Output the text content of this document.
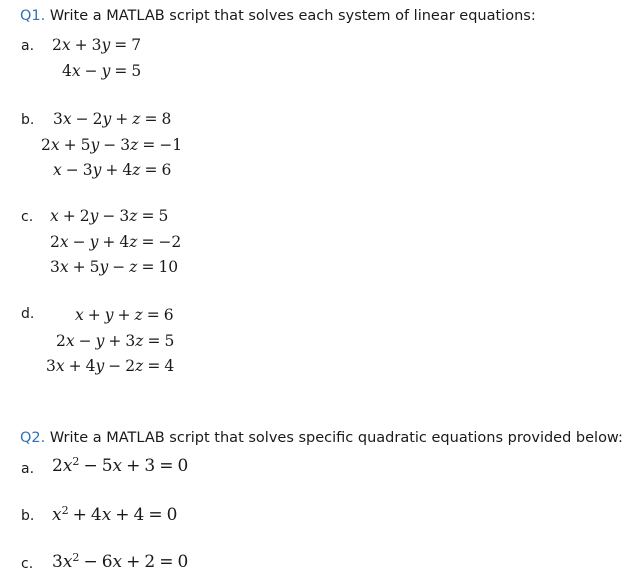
Q1. Write a MATLAB script that solves each system of linear equations:
a.
b.
c.
d.
2x + 3y = 7
4x − y = 5
3x − 2y + z = 8
2x + 5y − 3z = −1
x − 3y + 4z = 6
x + 2y − 3z = 5
2x − y + 4z = −2
3x + 5y − z = 10
x + y + z = 6
2x − y + 3z = 5
3x + 4y − 2z = 4
Q2. Write a MATLAB script that solves specific quadratic equations provided below:
a.
b.
c.
$2x^2 - 5x + 3 = 0$
$x^2 + 4x + 4 = 0$
$3x^2 - 6x + 2 = 0$
